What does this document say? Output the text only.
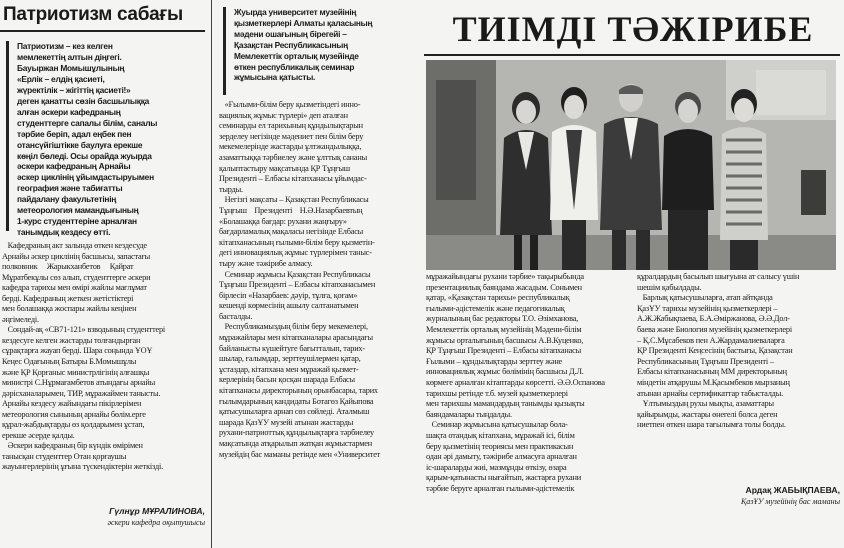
Патриотизм сабағы

Патриотизм – кез келген

мемлекеттің алтын діңгегі.

Бауыржан Момышұлының

«Ерлік – елдің қасиеті,

жүректілік – жігіттің қасиеті!»

деген қанатты сөзін басшылыққа

алған әскери кафедраның

студенттерге сапалы білім, саналы

тәрбие беріп, адал еңбек пен

отансүйгіштікке баулуға ерекше

көңіл бөледі. Осы орайда жуырда

әскери кафедраның Арнайы

әскер циклінің ұйымдастыруымен

география және табиғатты

пайдалану факультетінің

метеорология мамандығының

1-курс студенттеріне арналған

танымдық кездесу өтті.

Кафедраның акт залында өткен кездесуде

Арнайы әскер циклінің басшысы, запастағы

полковник     Жарыкханбетов     Қайрат

Мұратбекұлы сөз алып, студенттерге әскери

кафедра тарихы мен өмірі жайлы мағлұмат

берді. Кафедраның жеткен жетістіктері

мен болашаққа жоспары жайлы кеңінен

әңгімеледі.

Сондай-ақ «СВ71-121» взводының студенттері

кездесуге келген жастарды толғандырған

сұрақтарға жауап берді. Шара соңында ҰОҰ

Кеңес Одағының Батыры Б.Момышұлы

және ҚР Қорғаныс министрлігінің алғашқы

министрі С.Нұрмағамбетов атындағы арнайы

дәрісханаларымен, ТИР, мұражаймен танысты.

Арнайы кездесу жайындағы пікірлерімен

метеорология сынының арнайы бөлім.ерге

құрал-жабдықтарды өз қолдарымен ұстап,

ерекше әсерде қалды.

Әскери кафедраның бір күндік өмірімен

танысқан студенттер Отан қорғаушы

жауынгерлерінің ұғына түскендіктерін жеткізді.

Гүлнұр МҰРАЛИНОВА,
әскери кафедра оқытушысы

Жуырда университет музейінің

қызметкерлері Алматы қаласының

мәдени ошағының бірегейі –

Қазақстан Республикасының

Мемлекеттік орталық музейінде

өткен республикалық семинар

жұмысына қатысты.

«Ғылыми-білім беру қызметіндегі инно-

вациялық жұмыс түрлері» деп аталған

семинарды ел тарихының құндылықтарын

зерделеу негізінде мәдениет пен білім беру

мекемелерінде жастарды ұлтжандылыққа,

азаматтыққа тәрбиелеу және ұлттық сананы

қалыптастыру мақсатында ҚР Тұңғыш

Президенті – Елбасы кітапханасы ұйымдас-

тырды.

Негізгі мақсаты – Қазақстан Республикасы

Тұңғыш    Президенті    Н.Ә.Назарбаевтың

«Болашаққа бағдар: рухани жаңғыру»

бағдарламалық мақаласы негізінде Елбасы

кітапханасының ғылыми-білім беру қызметін-

дегі инновациялық жұмыс түрлерімен таныс-

тыру және тәжірибе алмасу.

Семинар жұмысы Қазақстан Республикасы

Тұңғыш Президенті – Елбасы кітапханасымен

бірлесіп «Назарбаев: дәуір, тұлға, қоғам»

кешенді көрмесінің ашылу салтанатымен

басталды.

Республикамыздың білім беру мекемелері,

мұражайлары мен кітапханалары арасындағы

байланысты күшейтуге бағытталып, тарих-

шылар, ғалымдар, зерттеушілермен қатар,

ұстаздар, кітапхана мен мұражай қызмет-

керлерінің басын қосқан шарада Елбасы

кітапханасы директорының орынбасары, тарих

ғылымдарының кандидаты Ботагөз Қайыпова

қатысушыларға арнап сөз сөйледі. Аталмыш

шарада ҚазҰУ музейі атынан жастарды

рухани-патриоттық құндылықтарға тәрбиелеу

мақсатында атқарылып жатқан жұмыстармен

музейдің бас маманы ретінде мен «Университет

ТИІМДІ ТӘЖІРИБЕ

мұражайындағы рухани тәрбие» тақырыбында

презентациялық баяндама жасадым. Сонымен

қатар, «Қазақстан тарихы» республикалық

ғылыми-әдістемелік және педагогикалық

журналының бас редакторы Т.О. Әзімханова,

Мемлекеттік орталық музейінің Мәдени-білім

жұмысы орталығының басшысы А.В.Куценко,

ҚР Тұңғыш Президенті – Елбасы кітапханасы

Ғылыми – құндылықтарды зерттеу және

инновациялық жұмыс бөлімінің басшысы Д.Л.

көрмеге арналған кітаптарды көрсетті. Ә.Ә.Оспанова

тарихшы ретінде т.б. музей қызметкерлері

мен тарихшы мамандардың танымды қызықты

баяндамалары тыңдалды.

Семинар жұмысына қатысушылар бола-

шақта отандық кітапхана, мұражай ісі, білім

беру қызметінің теориясы мен практикасын

одан әрі дамыту, тәжірибе алмасуға арналған

іс-шараларды жиі, мазмұнды өткізу, өзара

қарым-қатынасты нығайтып, жастарға рухани

тәрбие беруге арналған ғылыми-әдістемелік

құралдардың басылып шығуына ат салысу үшін

шешім қабылдады.

Барлық қатысушыларға, атап айтқанда

ҚазҰУ тарихы музейінің қызметкерлері –

А.Ж.Жабықпаева, Б.А.Әміржанова, Ә.Ә.Дол-

баева және Биология музейінің қызметкерлері

– Қ.С.Мұсабеков пен А.Жардамалиеваларға

ҚР Президенті Кеңсесінің бастығы, Қазақстан

Республикасының Тұңғыш Президенті –

Елбасы кітапханасының ММ директорының

міндетін атқарушы М.Қасымбеков мырзаның

атынан арнайы сертификаттар табысталды.

Ұлтымыздың рухы мықты, азаматтары

қайырымды, жастары өнегелі болса деген

ниетпен өткен шара тағылымға толы болды.

Ардақ ЖАБЫҚПАЕВА,
ҚазҰУ музейінің бас маманы
